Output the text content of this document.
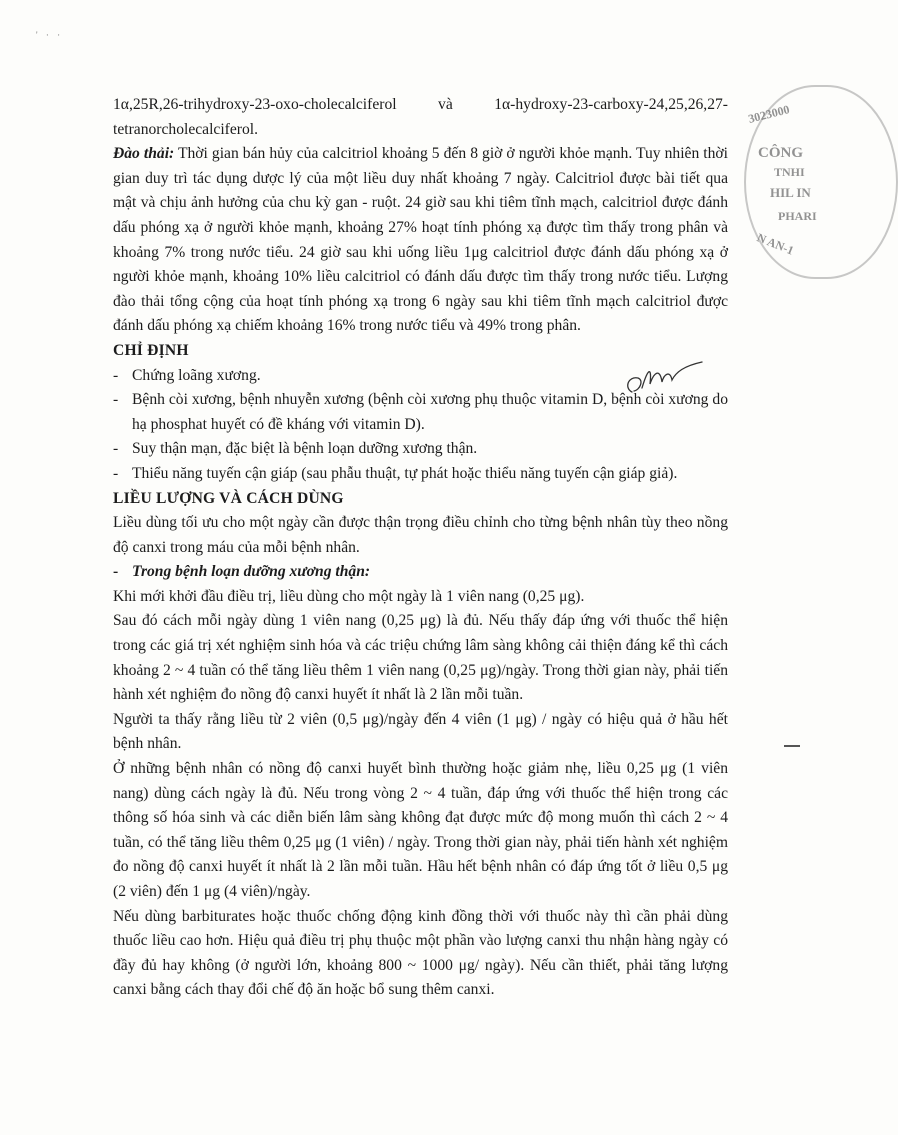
' · ·
3023000
CÔNG
TNHI
HIL IN
PHARI
N AN-1

1α,25R,26-trihydroxy-23-oxo-cholecalciferol	và	1α-hydroxy-23-carboxy-24,25,26,27-

tetranorcholecalciferol.

Đào thải: Thời gian bán hủy của calcitriol khoảng 5 đến 8 giờ ở người khỏe mạnh. Tuy nhiên thời gian duy trì tác dụng dược lý của một liều duy nhất khoảng 7 ngày. Calcitriol được bài tiết qua mật và chịu ảnh hưởng của chu kỳ gan - ruột. 24 giờ sau khi tiêm tĩnh mạch, calcitriol được đánh dấu phóng xạ ở người khỏe mạnh, khoảng 27% hoạt tính phóng xạ được tìm thấy trong phân và khoảng 7% trong nước tiểu. 24 giờ sau khi uống liều 1μg calcitriol được đánh dấu phóng xạ ở người khỏe mạnh, khoảng 10% liều calcitriol có đánh dấu được tìm thấy trong nước tiểu. Lượng đào thải tổng cộng của hoạt tính phóng xạ trong 6 ngày sau khi tiêm tĩnh mạch calcitriol được đánh dấu phóng xạ chiếm khoảng 16% trong nước tiểu và 49% trong phân.

CHỈ ĐỊNH

- Chứng loãng xương.
- Bệnh còi xương, bệnh nhuyễn xương (bệnh còi xương phụ thuộc vitamin D, bệnh còi xương do hạ phosphat huyết có đề kháng với vitamin D).
- Suy thận mạn, đặc biệt là bệnh loạn dưỡng xương thận.
- Thiểu năng tuyến cận giáp (sau phẫu thuật, tự phát hoặc thiểu năng tuyến cận giáp giả).

LIỀU LƯỢNG VÀ CÁCH DÙNG

Liều dùng tối ưu cho một ngày cần được thận trọng điều chỉnh cho từng bệnh nhân tùy theo nồng độ canxi trong máu của mỗi bệnh nhân.

- Trong bệnh loạn dưỡng xương thận:

Khi mới khởi đầu điều trị, liều dùng cho một ngày là 1 viên nang (0,25 μg).

Sau đó cách mỗi ngày dùng 1 viên nang (0,25 μg) là đủ. Nếu thấy đáp ứng với thuốc thể hiện trong các giá trị xét nghiệm sinh hóa và các triệu chứng lâm sàng không cải thiện đáng kể thì cách khoảng 2 ~ 4 tuần có thể tăng liều thêm 1 viên nang (0,25 μg)/ngày. Trong thời gian này, phải tiến hành xét nghiệm đo nồng độ canxi huyết ít nhất là 2 lần mỗi tuần.

Người ta thấy rằng liều từ 2 viên (0,5 μg)/ngày đến 4 viên (1 μg) / ngày có hiệu quả ở hầu hết bệnh nhân.

Ở những bệnh nhân có nồng độ canxi huyết bình thường hoặc giảm nhẹ, liều 0,25 μg (1 viên nang) dùng cách ngày là đủ. Nếu trong vòng 2 ~ 4 tuần, đáp ứng với thuốc thể hiện trong các thông số hóa sinh và các diễn biến lâm sàng không đạt được mức độ mong muốn thì cách 2 ~ 4 tuần, có thể tăng liều thêm 0,25 μg (1 viên) / ngày. Trong thời gian này, phải tiến hành xét nghiệm đo nồng độ canxi huyết ít nhất là 2 lần mỗi tuần. Hầu hết bệnh nhân có đáp ứng tốt ở liều 0,5 μg (2 viên) đến 1 μg (4 viên)/ngày.

Nếu dùng barbiturates hoặc thuốc chống động kinh đồng thời với thuốc này thì cần phải dùng thuốc liều cao hơn. Hiệu quả điều trị phụ thuộc một phần vào lượng canxi thu nhận hàng ngày có đầy đủ hay không (ở người lớn, khoảng 800 ~ 1000 μg/ ngày). Nếu cần thiết, phải tăng lượng canxi bằng cách thay đổi chế độ ăn hoặc bổ sung thêm canxi.
